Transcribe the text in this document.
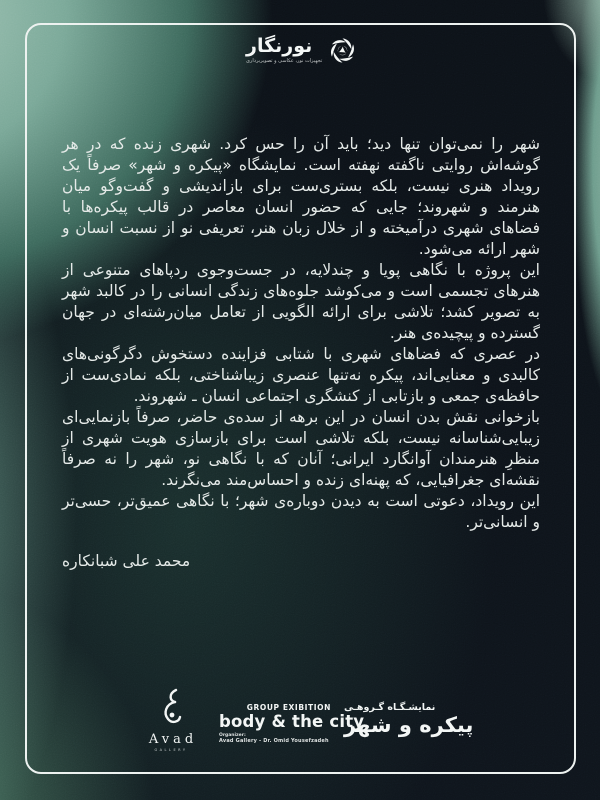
نورنگار
تجهیزات نور، عکاسی و تصویربرداری

شهر را نمی‌توان تنها دید؛ باید آن را حس کرد. شهری زنده که در هر گوشه‌اش روایتی ناگفته نهفته است. نمایشگاه «پیکره و شهر» صرفاً یک رویداد هنری نیست، بلکه بستری‌ست برای بازاندیشی و گفت‌وگو میان هنرمند و شهروند؛ جایی که حضور انسان معاصر در قالب پیکره‌ها با فضاهای شهری درآمیخته و از خلال زبان هنر، تعریفی نو از نسبت انسان و شهر ارائه می‌شود.

این پروژه با نگاهی پویا و چندلایه، در جست‌وجوی ردپاهای متنوعی از هنرهای تجسمی است و می‌کوشد جلوه‌های زندگی انسانی را در کالبد شهر به تصویر کشد؛ تلاشی برای ارائه الگویی از تعامل میان‌رشته‌ای در جهان گسترده و پیچیده‌ی هنر.

در عصری که فضاهای شهری با شتابی فزاینده دستخوش دگرگونی‌های کالبدی و معنایی‌اند، پیکره نه‌تنها عنصری زیباشناختی، بلکه نمادی‌ست از حافظه‌ی جمعی و بازتابی از کنشگری اجتماعی انسان ـ شهروند.

بازخوانی نقش بدن انسان در این برهه از سده‌ی حاضر، صرفاً بازنمایی‌ای زیبایی‌شناسانه نیست، بلکه تلاشی است برای بازسازی هویت شهری از منظرِ هنرمندان آوانگارد ایرانی؛ آنان که با نگاهی نو، شهر را نه صرفاً نقشه‌ای جغرافیایی، که پهنه‌ای زنده و احساس‌مند می‌نگرند.

این رویداد، دعوتی است به دیدن دوباره‌ی شهر؛ با نگاهی عمیق‌تر، حسی‌تر و انسانی‌تر.

محمد علی شبانکاره

Avad
GALLERY
GROUP EXIBITION
body & the city
Organizer:
Avad Gallery - Dr. Omid Yousefzadeh
نمایشـگـاه گـروهـی
پیکره و شهر
